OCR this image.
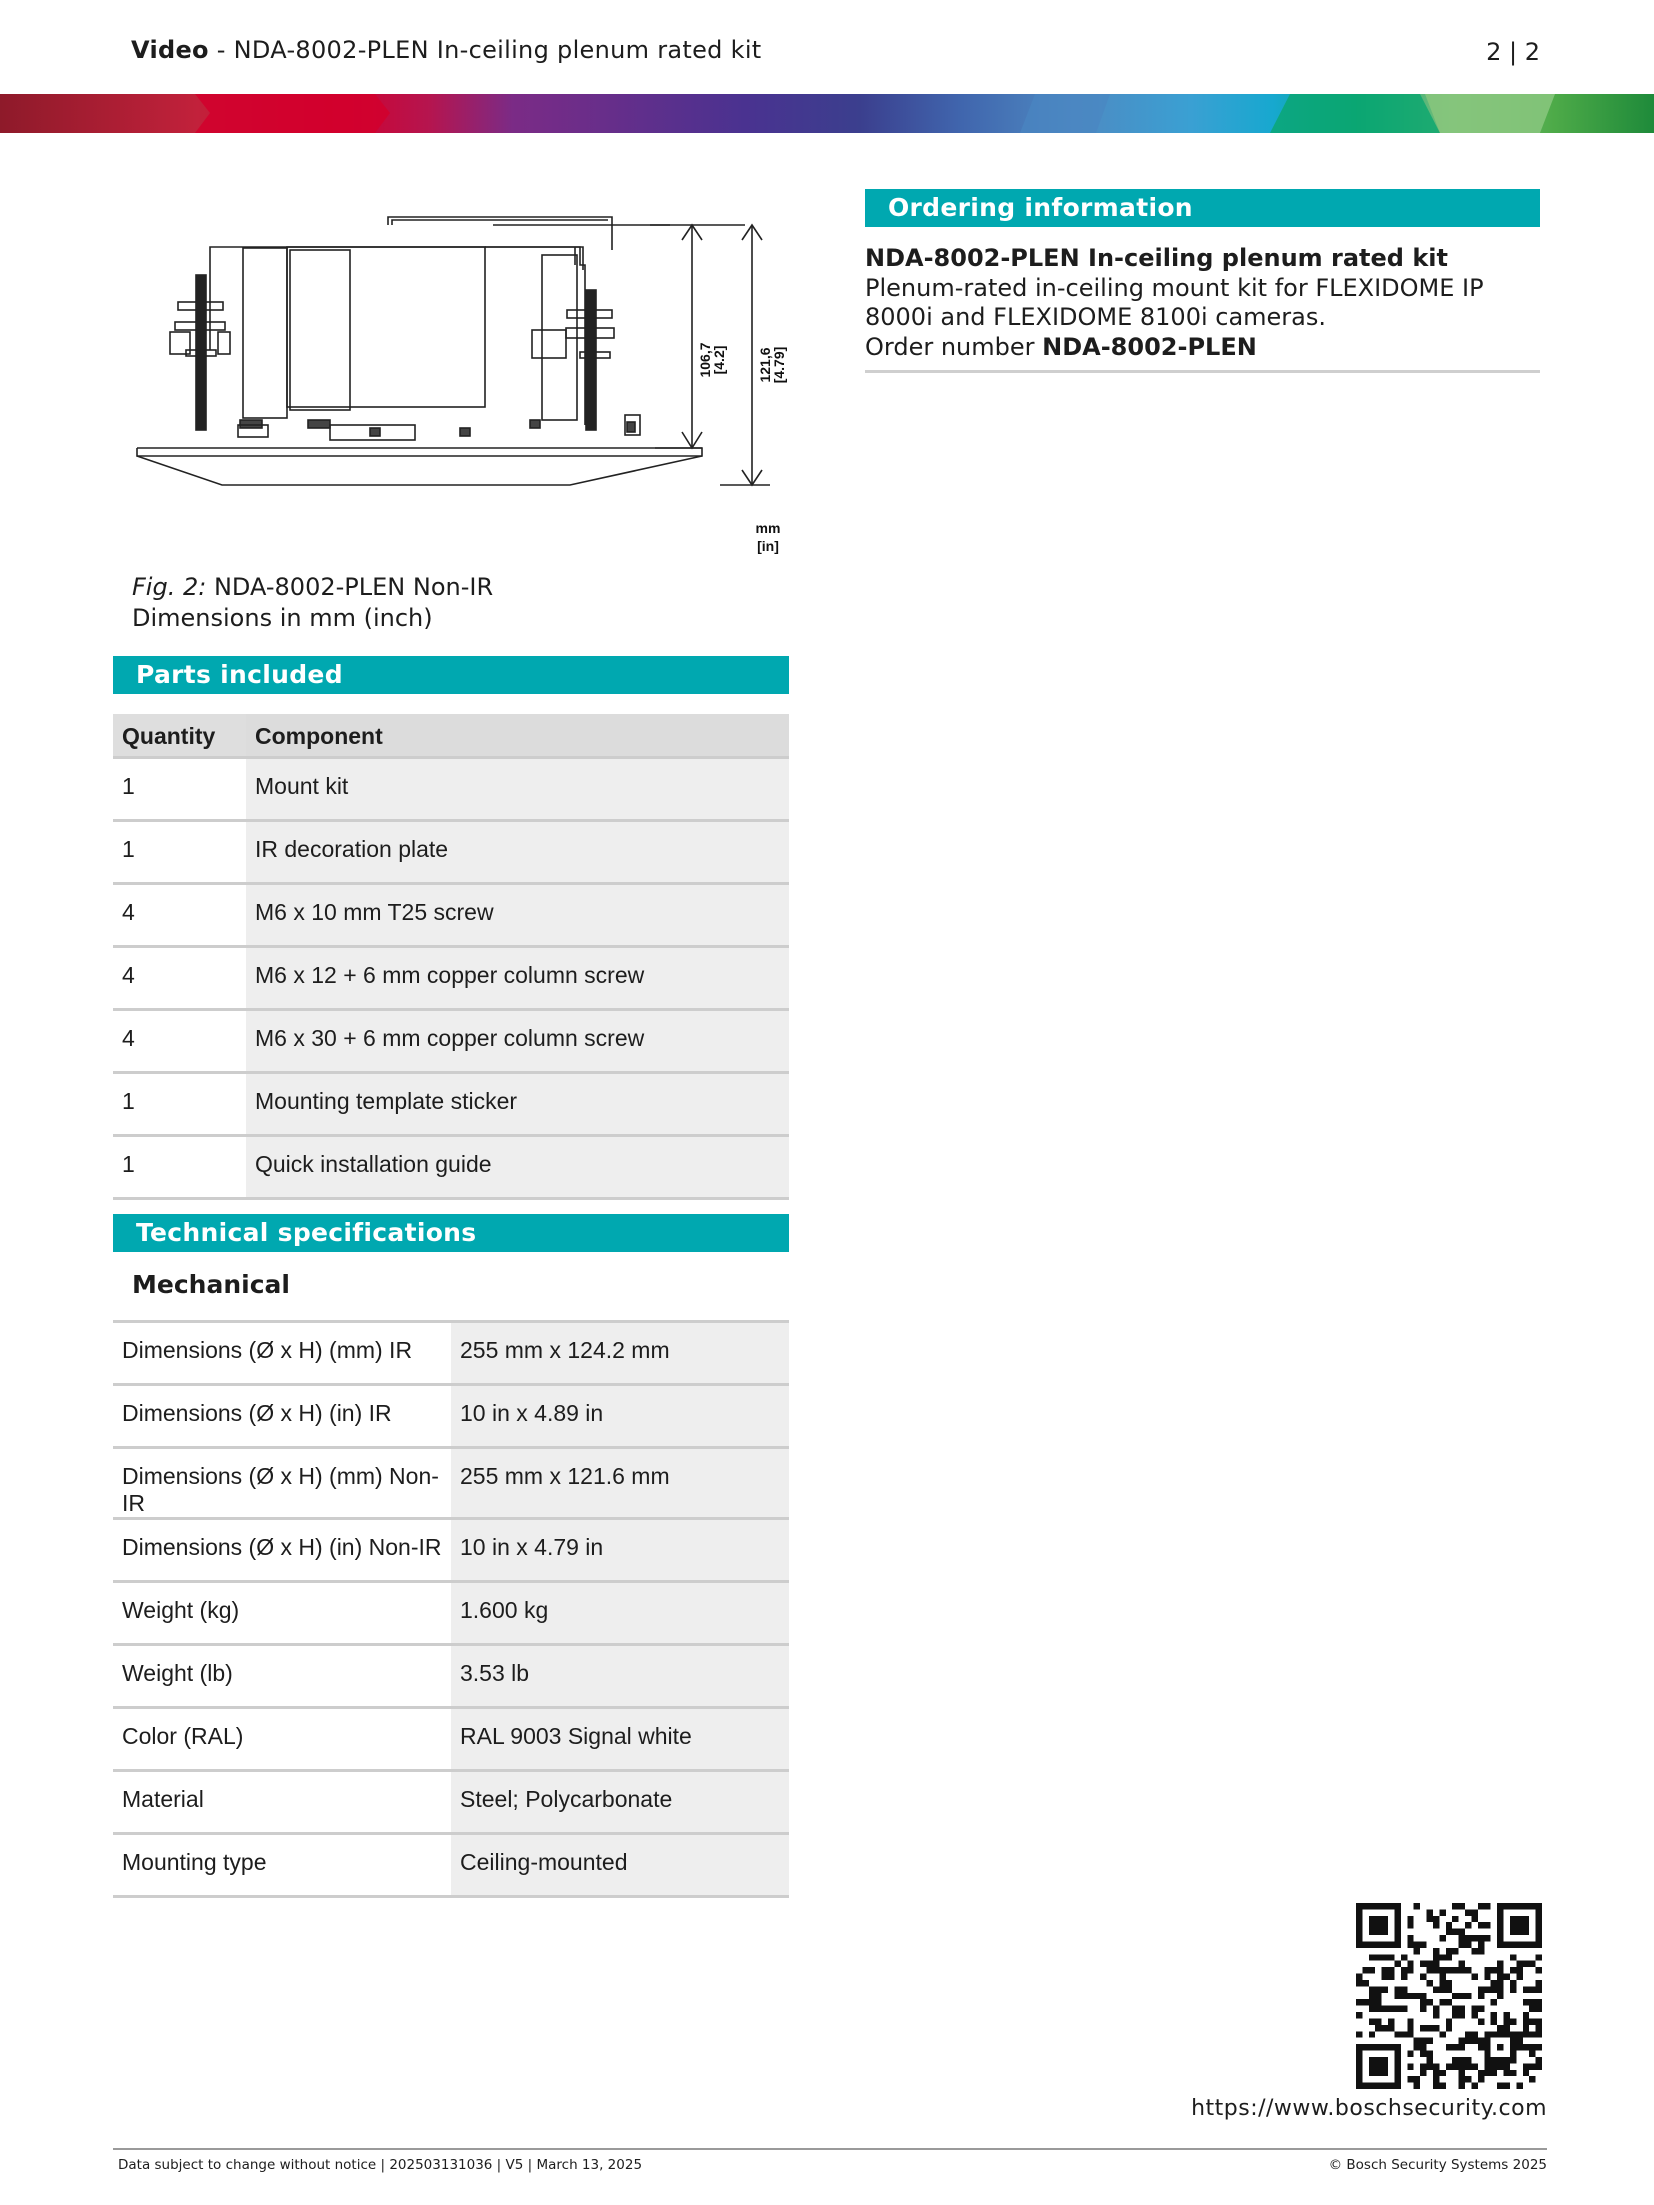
Video - NDA-8002-PLEN In-ceiling plenum rated kit	2 | 2
106,7
[4.2] 121,6
[4.79]
mm
[in]
Fig. 2: NDA-8002-PLEN Non-IR
Dimensions in mm (inch)
Parts included
Quantity	Component
1	Mount kit
1	IR decoration plate
4	M6 x 10 mm T25 screw
4	M6 x 12 + 6 mm copper column screw
4	M6 x 30 + 6 mm copper column screw
1	Mounting template sticker
1	Quick installation guide
Technical specifications
Mechanical
Dimensions (Ø x H) (mm) IR	255 mm x 124.2 mm
Dimensions (Ø x H) (in) IR	10 in x 4.89 in
Dimensions (Ø x H) (mm) Non-IR	255 mm x 121.6 mm
Dimensions (Ø x H) (in) Non-IR	10 in x 4.79 in
Weight (kg)	1.600 kg
Weight (lb)	3.53 lb
Color (RAL)	RAL 9003 Signal white
Material	Steel; Polycarbonate
Mounting type	Ceiling-mounted
Ordering information
NDA-8002-PLEN In-ceiling plenum rated kit
Plenum-rated in-ceiling mount kit for FLEXIDOME IP
8000i and FLEXIDOME 8100i cameras.
Order number NDA-8002-PLEN
https://www.boschsecurity.com
Data subject to change without notice | 202503131036 | V5 | March 13, 2025	© Bosch Security Systems 2025
